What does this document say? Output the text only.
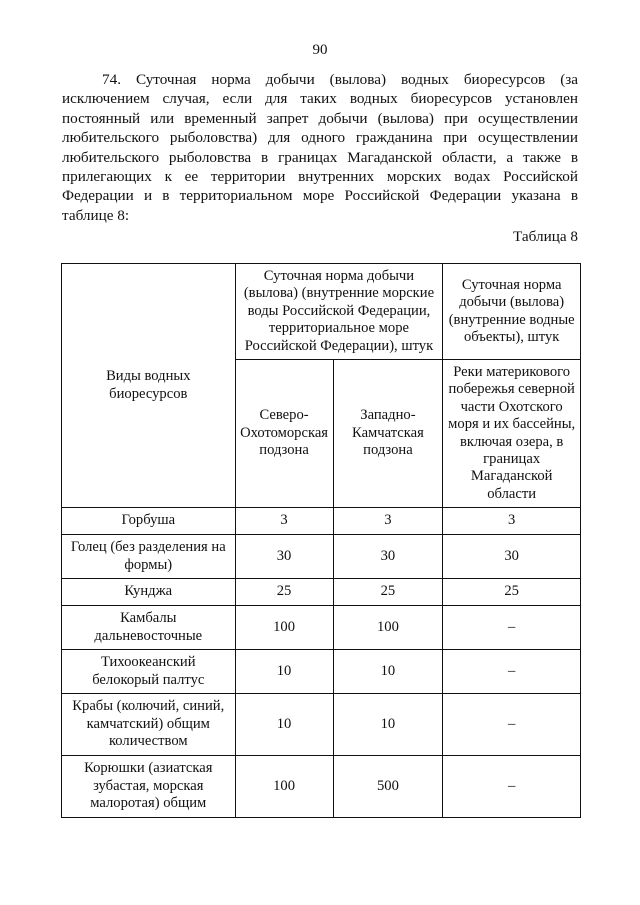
90

74. Суточная норма добычи (вылова) водных биоресурсов (за исключением случая, если для таких водных биоресурсов установлен постоянный или временный запрет добычи (вылова) при осуществлении любительского рыболовства) для одного гражданина при осуществлении любительского рыболовства в границах Магаданской области, а также в прилегающих к ее территории внутренних морских водах Российской Федерации и в территориальном море Российской Федерации указана в таблице 8:

Таблица 8
Виды водных биоресурсов	Суточная норма добычи (вылова) (внутренние морские воды Российской Федерации, территориальное море Российской Федерации), штук		Суточная норма добычи (вылова) (внутренние водные объекты), штук
	Северо-Охотоморская подзона	Западно-Камчатская подзона	Реки материкового побережья северной части Охотского моря и их бассейны, включая озера, в границах Магаданской области
Горбуша	3	3	3
Голец (без разделения на формы)	30	30	30
Кунджа	25	25	25
Камбалы дальневосточные	100	100	–
Тихоокеанский белокорый палтус	10	10	–
Крабы (колючий, синий, камчатский) общим количеством	10	10	–
Корюшки (азиатская зубастая, морская малоротая) общим	100	500	–
